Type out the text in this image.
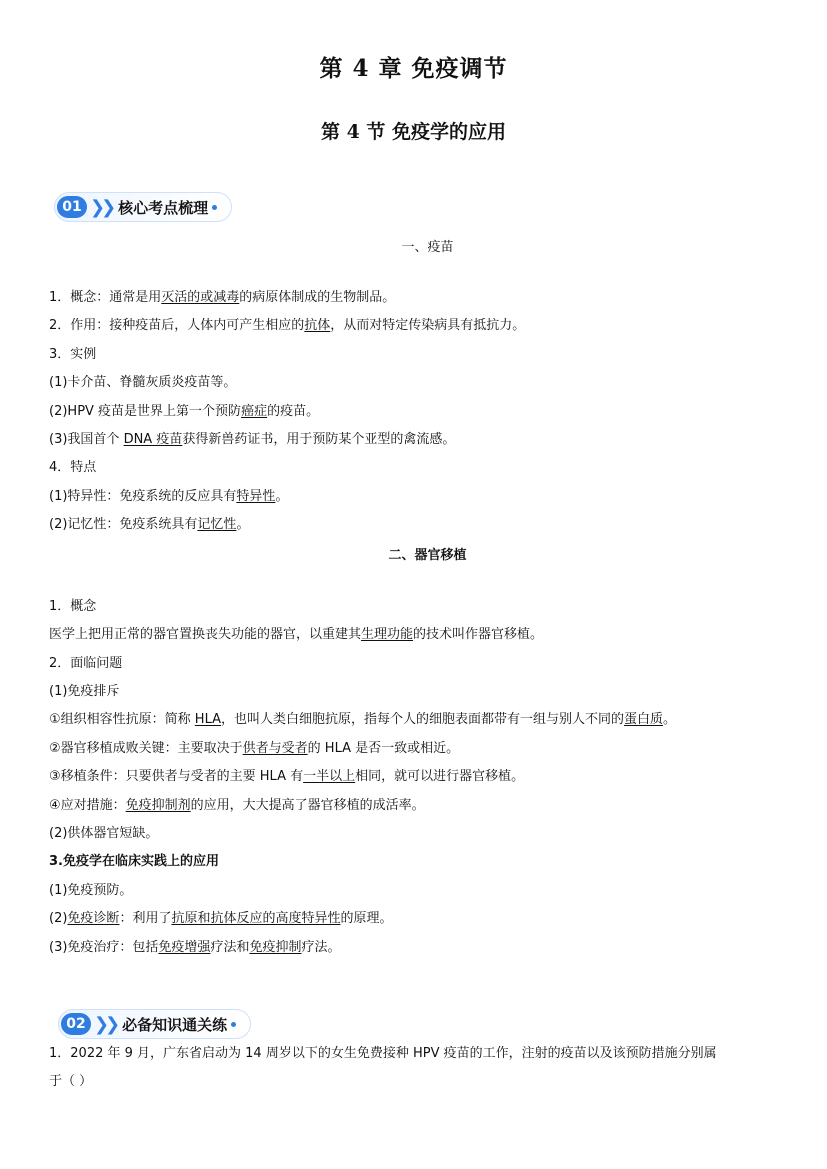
第 4 章 免疫调节
第 4 节 免疫学的应用
01 ❯❯ 核心考点梳理
一、疫苗
1．概念：通常是用灭活的或减毒的病原体制成的生物制品。
2．作用：接种疫苗后，人体内可产生相应的抗体，从而对特定传染病具有抵抗力。
3．实例
(1)卡介苗、脊髓灰质炎疫苗等。
(2)HPV 疫苗是世界上第一个预防癌症的疫苗。
(3)我国首个 DNA 疫苗获得新兽药证书，用于预防某个亚型的禽流感。
4．特点
(1)特异性：免疫系统的反应具有特异性。
(2)记忆性：免疫系统具有记忆性。
二、器官移植
1．概念
医学上把用正常的器官置换丧失功能的器官，以重建其生理功能的技术叫作器官移植。
2．面临问题
(1)免疫排斥
①组织相容性抗原：简称 HLA，也叫人类白细胞抗原，指每个人的细胞表面都带有一组与别人不同的蛋白质。
②器官移植成败关键：主要取决于供者与受者的 HLA 是否一致或相近。
③移植条件：只要供者与受者的主要 HLA 有一半以上相同，就可以进行器官移植。
④应对措施：免疫抑制剂的应用，大大提高了器官移植的成活率。
(2)供体器官短缺。
3.免疫学在临床实践上的应用
(1)免疫预防。
(2)免疫诊断：利用了抗原和抗体反应的高度特异性的原理。
(3)免疫治疗：包括免疫增强疗法和免疫抑制疗法。
02 ❯❯ 必备知识通关练
1．2022 年 9 月，广东省启动为 14 周岁以下的女生免费接种 HPV 疫苗的工作，注射的疫苗以及该预防措施分别属
于（ ）
